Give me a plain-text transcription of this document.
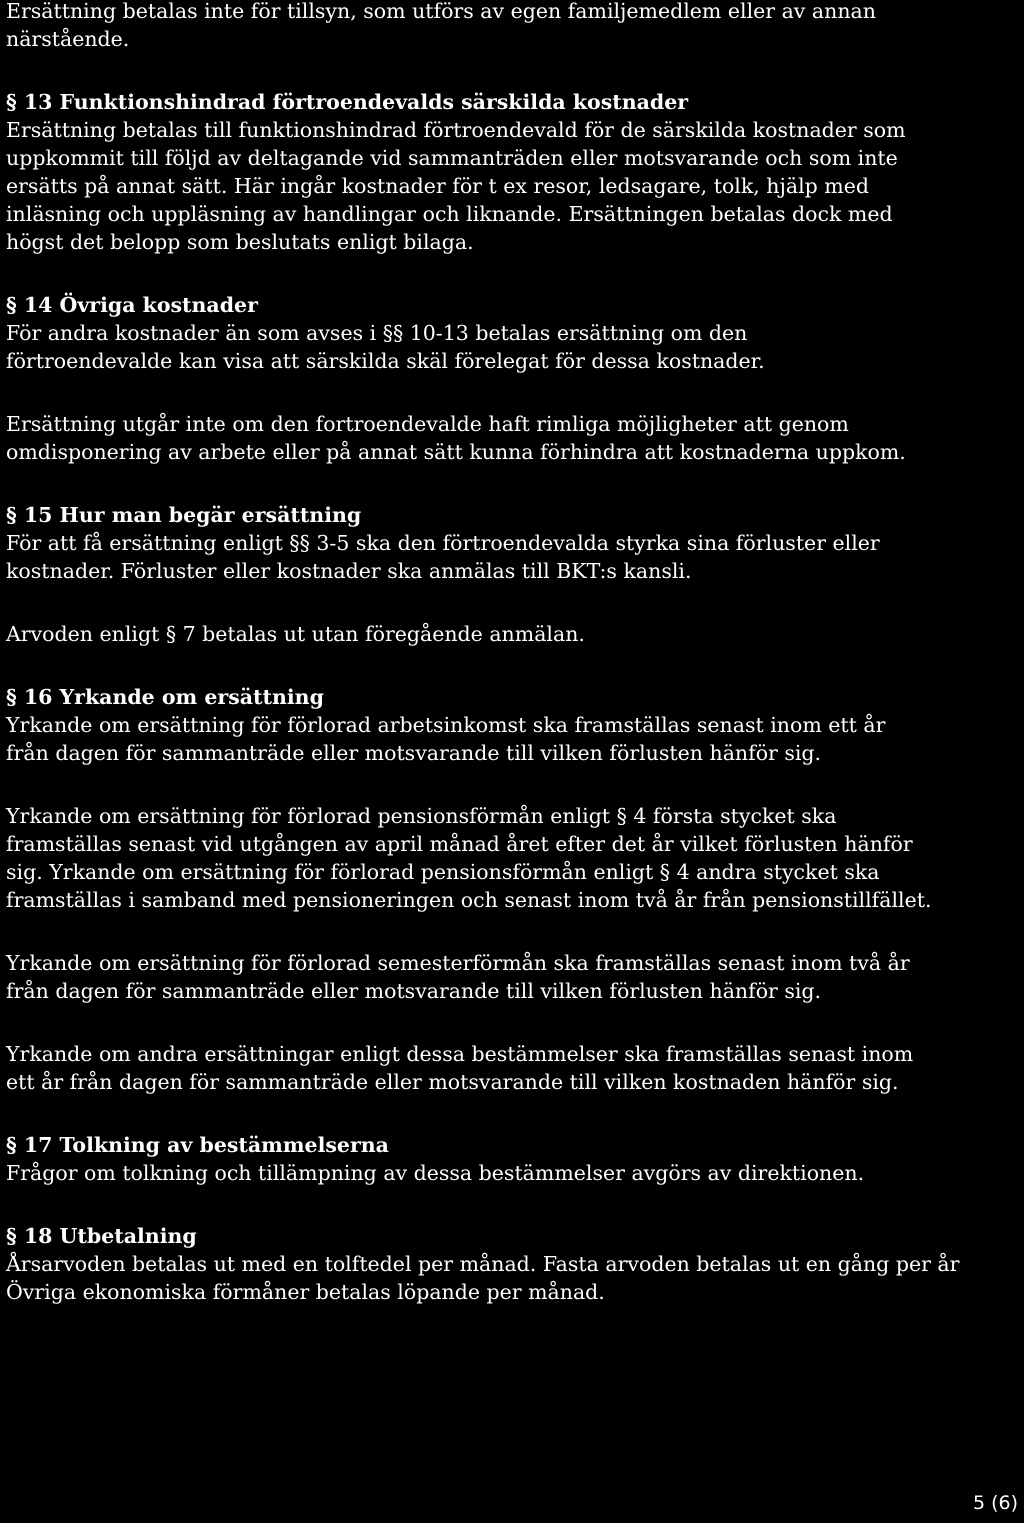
Ersättning betalas inte för tillsyn, som utförs av egen familjemedlem eller av annan
närstående.

§ 13 Funktionshindrad förtroendevalds särskilda kostnader

Ersättning betalas till funktionshindrad förtroendevald för de särskilda kostnader som
uppkommit till följd av deltagande vid sammanträden eller motsvarande och som inte
ersätts på annat sätt. Här ingår kostnader för t ex resor, ledsagare, tolk, hjälp med
inläsning och uppläsning av handlingar och liknande. Ersättningen betalas dock med
högst det belopp som beslutats enligt bilaga.

§ 14 Övriga kostnader

För andra kostnader än som avses i §§ 10-13 betalas ersättning om den
förtroendevalde kan visa att särskilda skäl förelegat för dessa kostnader.

Ersättning utgår inte om den fortroendevalde haft rimliga möjligheter att genom
omdisponering av arbete eller på annat sätt kunna förhindra att kostnaderna uppkom.

§ 15 Hur man begär ersättning

För att få ersättning enligt §§ 3-5 ska den förtroendevalda styrka sina förluster eller
kostnader. Förluster eller kostnader ska anmälas till BKT:s kansli.

Arvoden enligt § 7 betalas ut utan föregående anmälan.

§ 16 Yrkande om ersättning

Yrkande om ersättning för förlorad arbetsinkomst ska framställas senast inom ett år
från dagen för sammanträde eller motsvarande till vilken förlusten hänför sig.

Yrkande om ersättning för förlorad pensionsförmån enligt § 4 första stycket ska
framställas senast vid utgången av april månad året efter det år vilket förlusten hänför
sig. Yrkande om ersättning för förlorad pensionsförmån enligt § 4 andra stycket ska
framställas i samband med pensioneringen och senast inom två år från pensionstillfället.

Yrkande om ersättning för förlorad semesterförmån ska framställas senast inom två år
från dagen för sammanträde eller motsvarande till vilken förlusten hänför sig.

Yrkande om andra ersättningar enligt dessa bestämmelser ska framställas senast inom
ett år från dagen för sammanträde eller motsvarande till vilken kostnaden hänför sig.

§ 17 Tolkning av bestämmelserna

Frågor om tolkning och tillämpning av dessa bestämmelser avgörs av direktionen.

§ 18 Utbetalning

Årsarvoden betalas ut med en tolftedel per månad. Fasta arvoden betalas ut en gång per år
Övriga ekonomiska förmåner betalas löpande per månad.

5 (6)
